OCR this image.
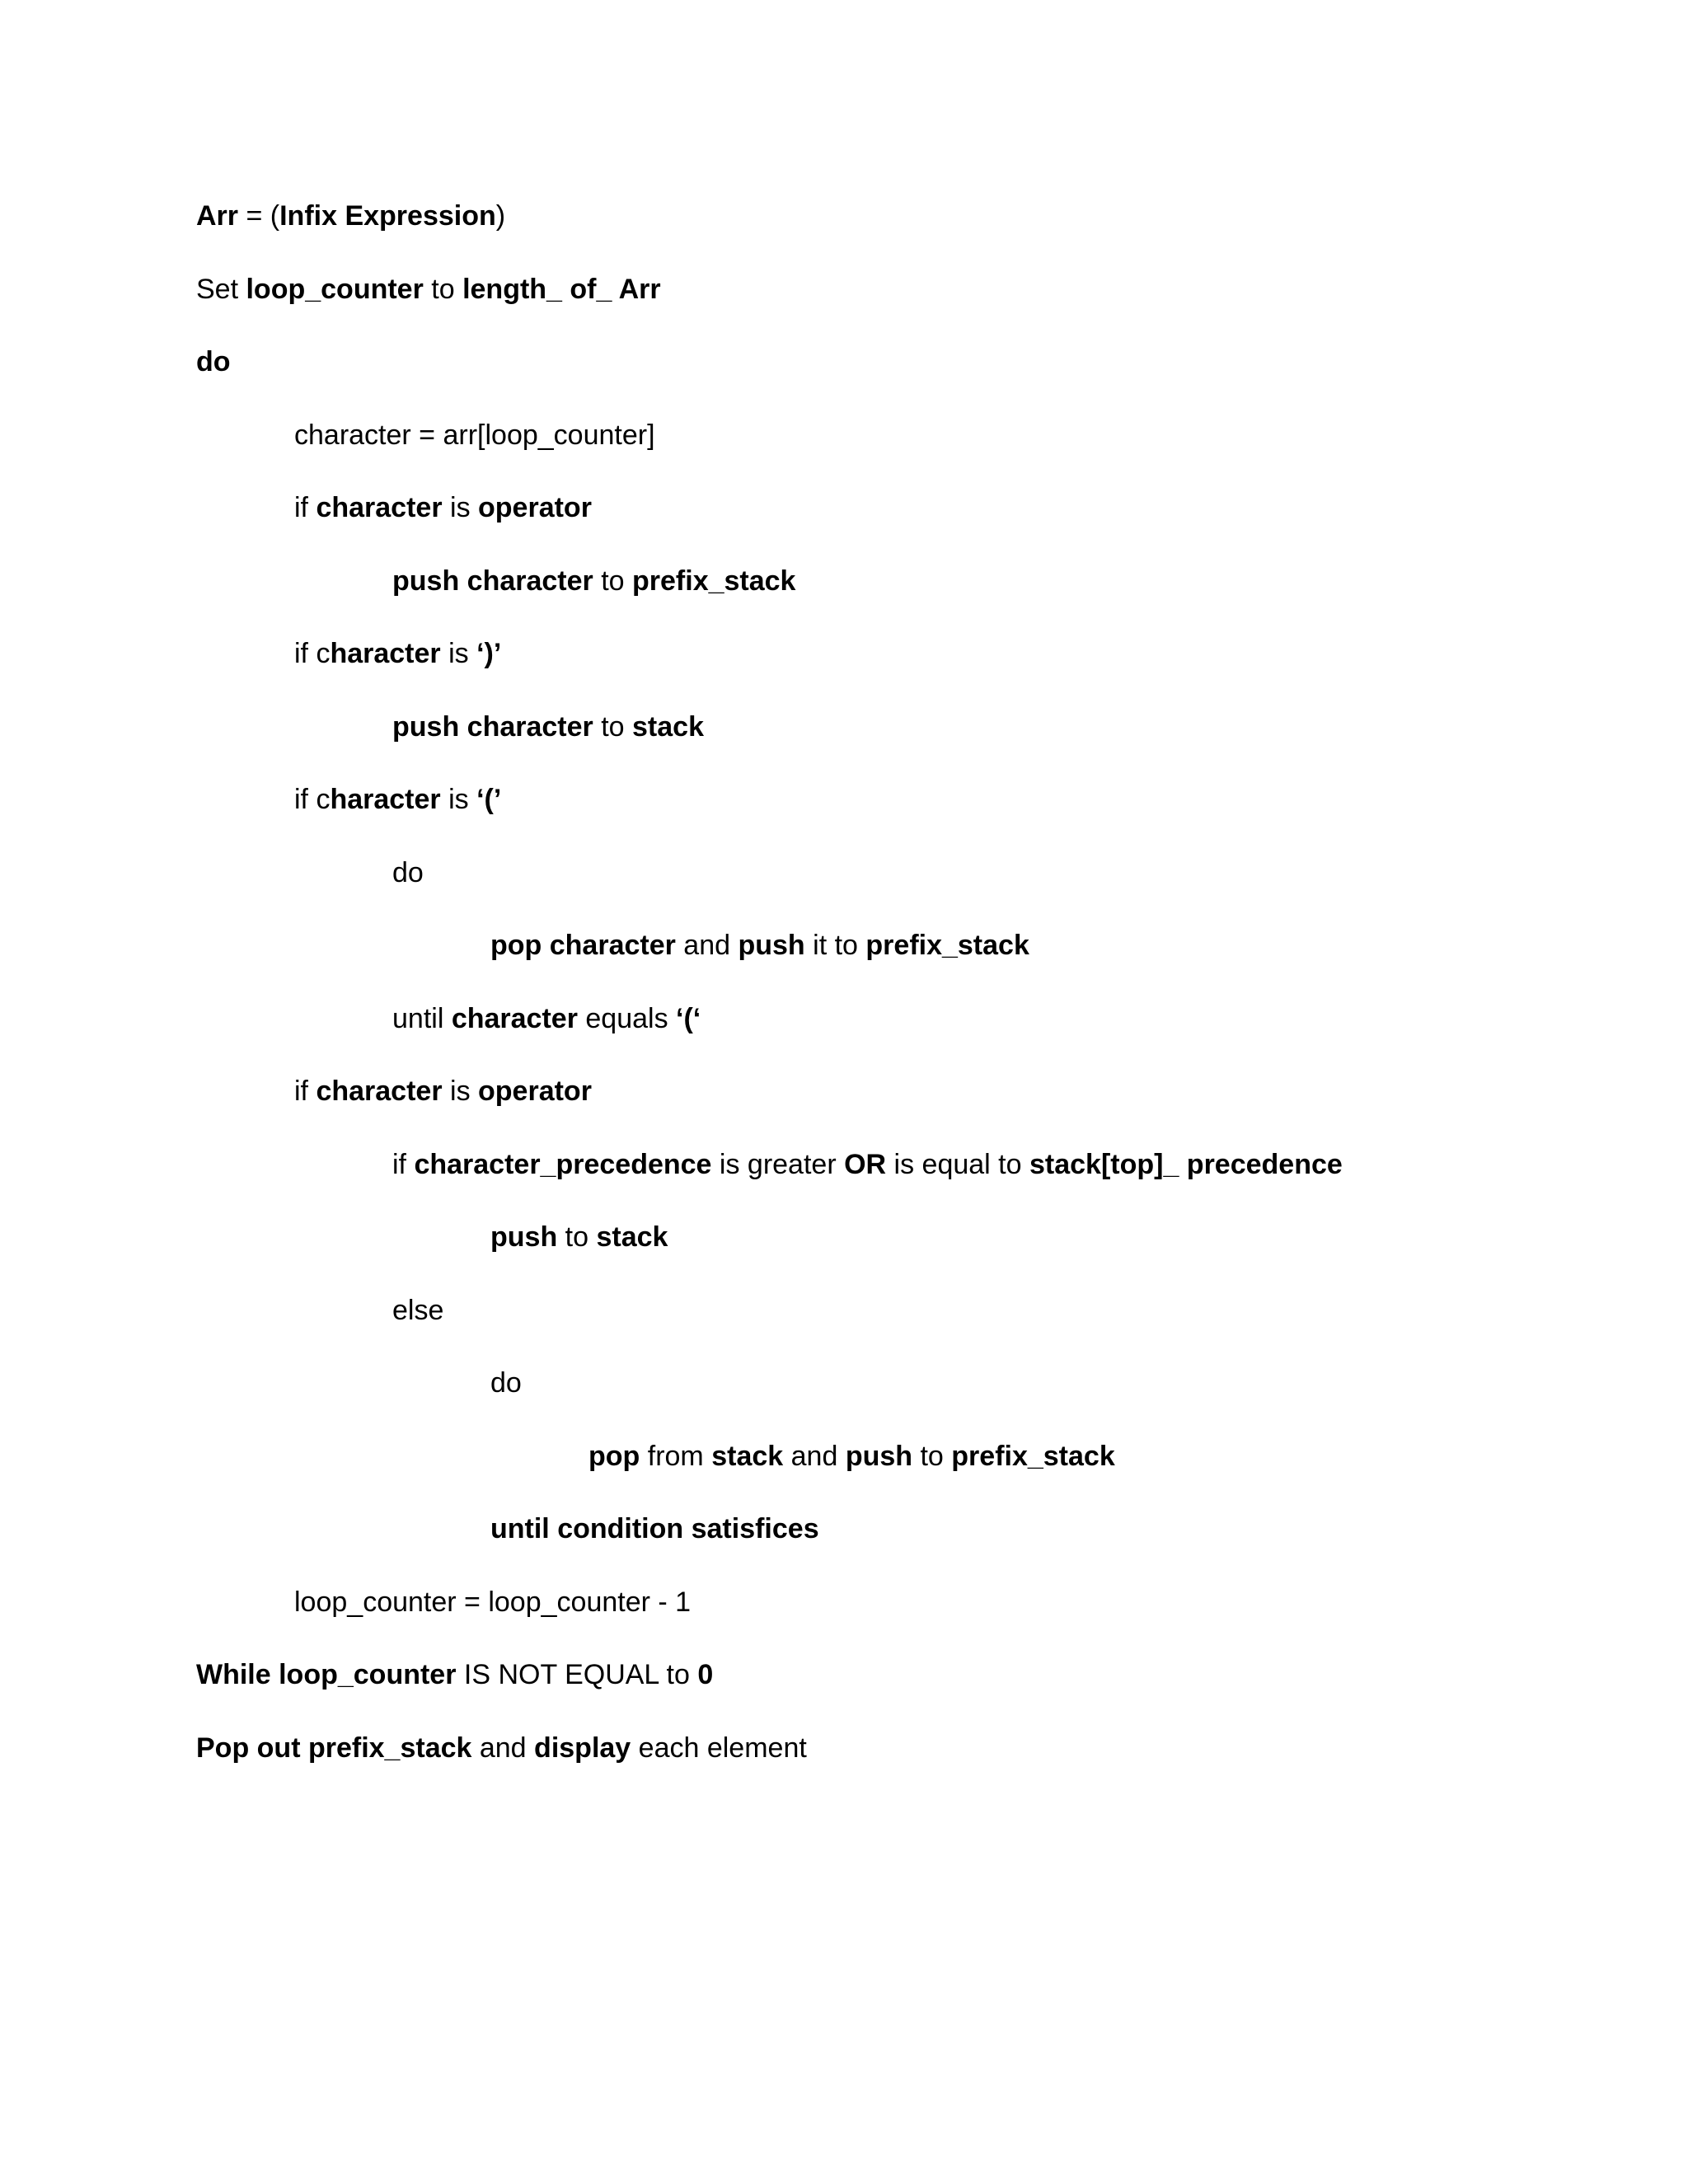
Arr = (Infix Expression)

Set loop_counter to length_ of_ Arr

do

character = arr[loop_counter]

if character is operator

push character to prefix_stack

if character is ‘)’

push character to stack

if character is ‘(’

do

pop character and push it to prefix_stack

until character equals ‘(‘

if character is operator

if character_precedence is greater OR is equal to stack[top]_ precedence

push to stack

else

do

pop from stack and push to prefix_stack

until condition satisfices

loop_counter = loop_counter - 1

While loop_counter IS NOT EQUAL to 0

Pop out prefix_stack and display each element
